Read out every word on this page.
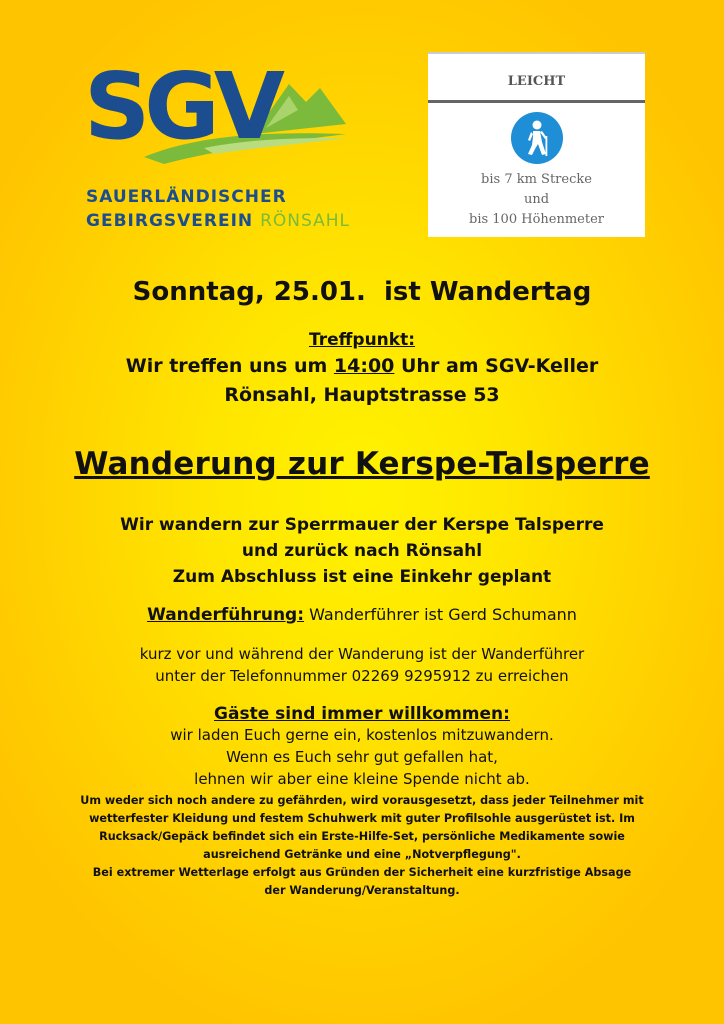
SGV
SAUERLÄNDISCHER
GEBIRGSVEREIN RÖNSAHL
LEICHT
bis 7 km Strecke
und
bis 100 Höhenmeter
Sonntag, 25.01.  ist Wandertag
Treffpunkt:
Wir treffen uns um 14:00 Uhr am SGV-Keller
Rönsahl, Hauptstrasse 53
Wanderung zur Kerspe-Talsperre
Wir wandern zur Sperrmauer der Kerspe Talsperre
und zurück nach Rönsahl
Zum Abschluss ist eine Einkehr geplant
Wanderführung: Wanderführer ist Gerd Schumann
kurz vor und während der Wanderung ist der Wanderführer
unter der Telefonnummer 02269 9295912 zu erreichen
Gäste sind immer willkommen:
wir laden Euch gerne ein, kostenlos mitzuwandern.
Wenn es Euch sehr gut gefallen hat,
lehnen wir aber eine kleine Spende nicht ab.
Um weder sich noch andere zu gefährden, wird vorausgesetzt, dass jeder Teilnehmer mit
wetterfester Kleidung und festem Schuhwerk mit guter Profilsohle ausgerüstet ist. Im
Rucksack/Gepäck befindet sich ein Erste-Hilfe-Set, persönliche Medikamente sowie
ausreichend Getränke und eine „Notverpflegung".
Bei extremer Wetterlage erfolgt aus Gründen der Sicherheit eine kurzfristige Absage
der Wanderung/Veranstaltung.
